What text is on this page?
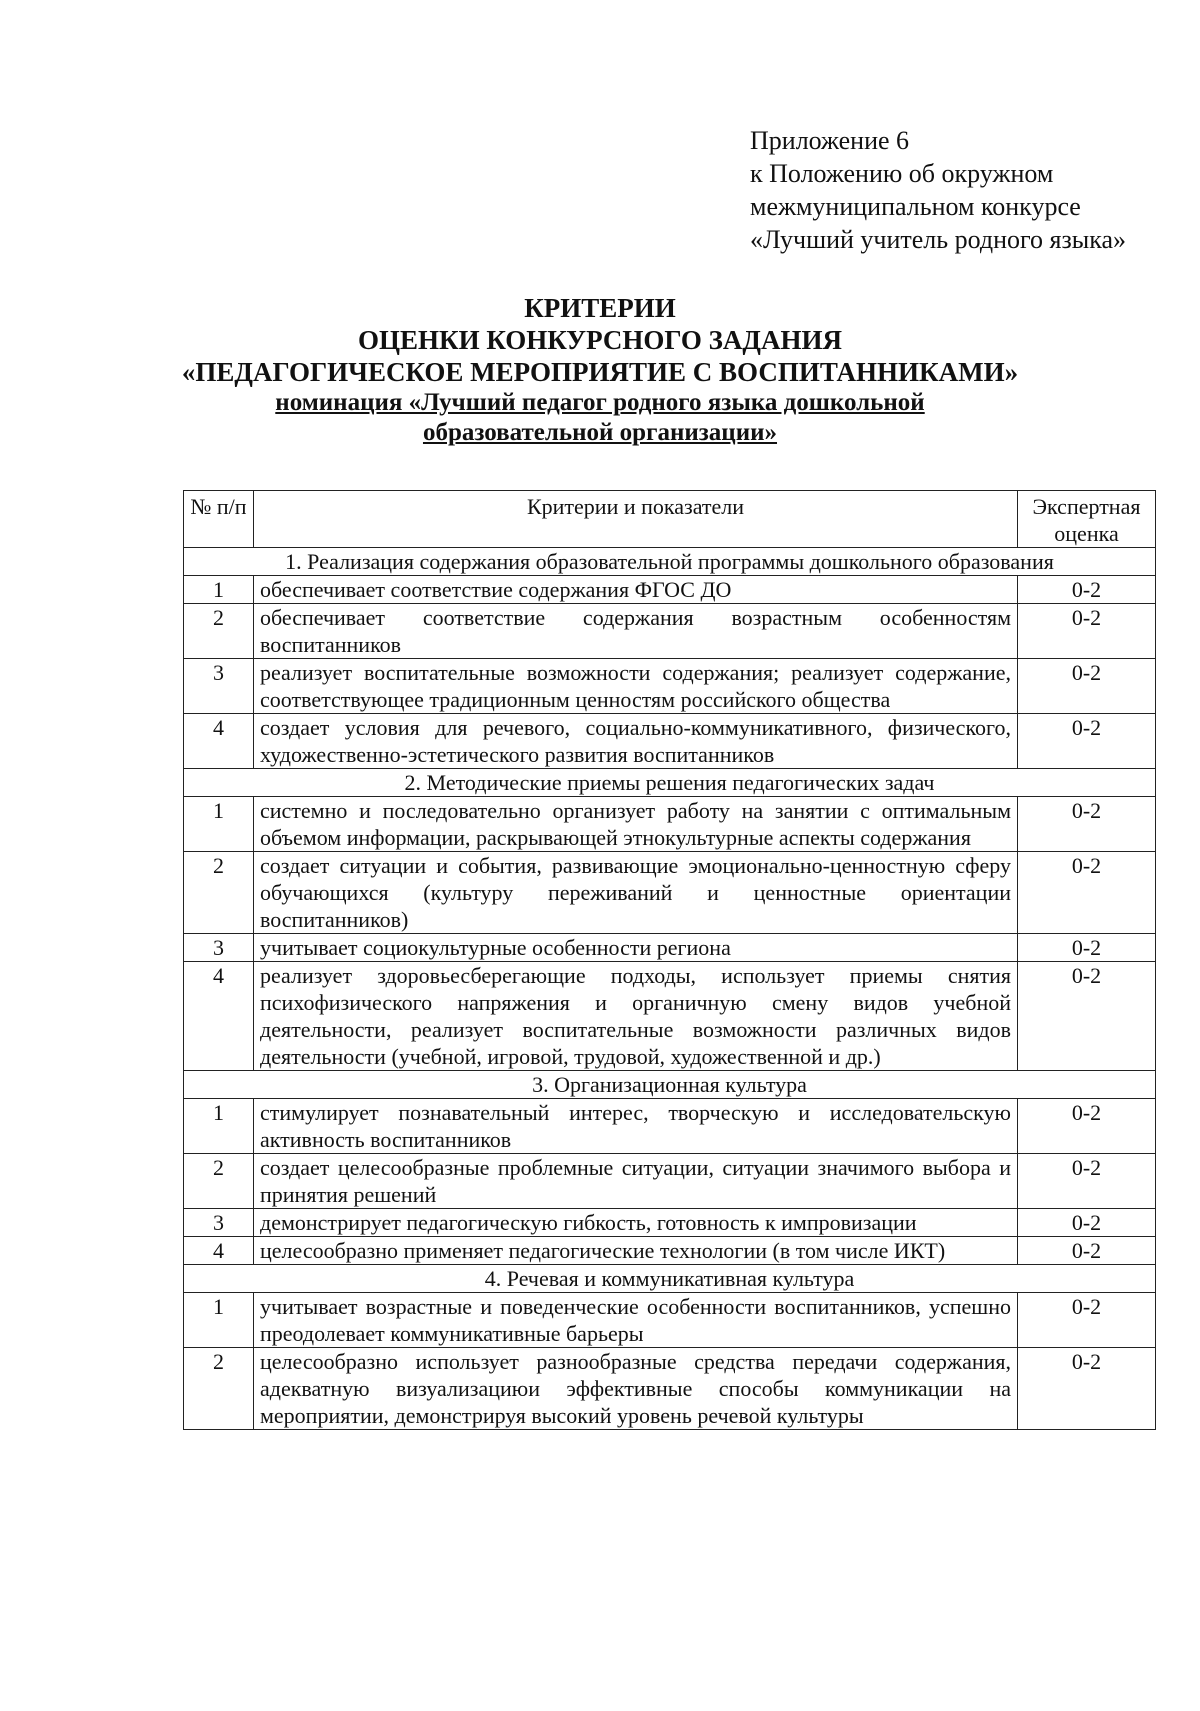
Приложение 6
к Положению об окружном
межмуниципальном конкурсе
«Лучший учитель родного языка»
КРИТЕРИИ
ОЦЕНКИ КОНКУРСНОГО ЗАДАНИЯ
«ПЕДАГОГИЧЕСКОЕ МЕРОПРИЯТИЕ С ВОСПИТАННИКАМИ»
номинация «Лучший педагог родного языка дошкольной
образовательной организации»
№ п/п	Критерии и показатели	Экспертная оценка
1. Реализация содержания образовательной программы дошкольного образования		
1	обеспечивает соответствие содержания ФГОС ДО	0-2
2	обеспечивает соответствие содержания возрастным особенностям воспитанников	0-2
3	реализует воспитательные возможности содержания; реализует содержание, соответствующее традиционным ценностям российского общества	0-2
4	создает условия для речевого, социально-коммуникативного, физического, художественно-эстетического развития воспитанников	0-2
2. Методические приемы решения педагогических задач		
1	системно и последовательно организует работу на занятии с оптимальным объемом информации, раскрывающей этнокультурные аспекты содержания	0-2
2	создает ситуации и события, развивающие эмоционально-ценностную сферу обучающихся (культуру переживаний и ценностные ориентации воспитанников)	0-2
3	учитывает социокультурные особенности региона	0-2
4	реализует здоровьесберегающие подходы, использует приемы снятия психофизического напряжения и органичную смену видов учебной деятельности, реализует воспитательные возможности различных видов деятельности (учебной, игровой, трудовой, художественной и др.)	0-2
3. Организационная культура		
1	стимулирует познавательный интерес, творческую и исследовательскую активность воспитанников	0-2
2	создает целесообразные проблемные ситуации, ситуации значимого выбора и принятия решений	0-2
3	демонстрирует педагогическую гибкость, готовность к импровизации	0-2
4	целесообразно применяет педагогические технологии (в том числе ИКТ)	0-2
4. Речевая и коммуникативная культура		
1	учитывает возрастные и поведенческие особенности воспитанников, успешно преодолевает коммуникативные барьеры	0-2
2	целесообразно использует разнообразные средства передачи содержания, адекватную визуализациюи эффективные способы коммуникации на мероприятии, демонстрируя высокий уровень речевой культуры	0-2
